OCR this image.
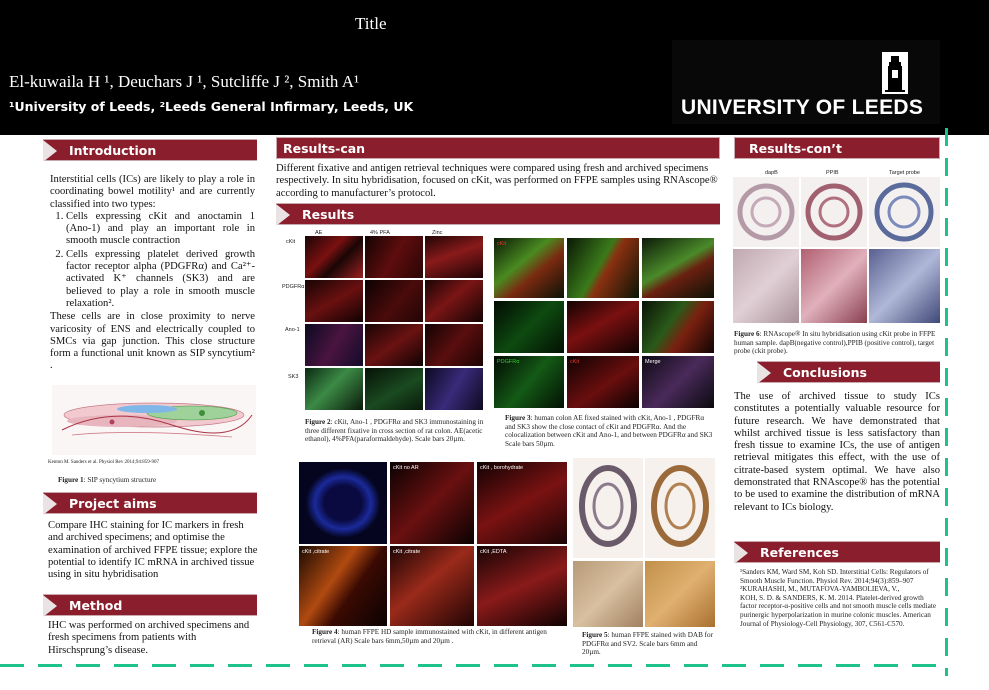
Title
El-kuwaila H ¹, Deuchars J ¹, Sutcliffe J ², Smith A¹
¹University of Leeds, ²Leeds General Infirmary, Leeds, UK	UNIVERSITY OF LEEDS
Introduction

Interstitial cells (ICs) are likely to play a role in coordinating bowel motility¹ and are currently classified into two types:

1. Cells expressing cKit and anoctamin 1 (Ano-1) and play an important role in smooth muscle contraction
2. Cells expressing platelet derived growth factor receptor alpha (PDGFRα) and Ca²⁺-activated K⁺ channels (SK3) and are believed to play a role in smooth muscle relaxation².

These cells are in close proximity to nerve varicosity of ENS and electrically coupled to SMCs via gap junction. This close structure form a functional unit known as SIP syncytium² .

Kenton M. Sanders et al. Physiol Rev 2014;94:859-907
Figure 1: SIP syncytium structure
Project aims
Compare IHC staining for IC markers in fresh and archived specimens; and optimise the examination of archived FFPE tissue; explore the potential to identify IC mRNA in archived tissue using in situ hybridisation
Method
IHC was performed on archived specimens and fresh specimens from patients with Hirschsprung’s disease.
Results-can
Different fixative and antigen retrieval techniques were compared using fresh and archived specimens respectively. In situ hybridisation, focused on cKit, was performed on FFPE samples using RNAscope® according to manufacturer’s protocol.
Results
AE	4% PFA	Zinc
cKit
PDGFRα
Ano-1
SK3
Figure 2: cKit, Ano-1 , PDGFRα and SK3 immunostaining in three different fixative in cross section of rat colon. AE(acetic ethanol), 4%PFA(paraformaldehyde). Scale bars 20µm.
cKit
PDGFRα	cKit	Merge
Figure 3: human colon AE fixed stained with cKit, Ano-1 , PDGFRα and SK3 show the close contact of cKit and PDGFRα. And the colocalization between cKit and Ano-1, and between PDGFRα and SK3 Scale bars 50µm.
cKit no AR	cKit , borohydrate
cKit ,citrate	cKit ,citrate	cKit ,EDTA
Figure 4: human FFPE HD sample immunostained with cKit, in different antigen retrieval (AR) Scale bars 6mm,50µm and 20µm .
Figure 5: human FFPE stained with DAB for PDGFRα and SV2. Scale bars 6mm and 20µm.
Results-con’t
dapB	PPIB	Target probe
Figure 6: RNAscope® In situ hybridisation using cKit probe in FFPE human sample. dapB(negative control),PPIB (positive control), target probe (ckit probe).
Conclusions
The use of archived tissue to study ICs constitutes a potentially valuable resource for future research. We have demonstrated that whilst archived tissue is less satisfactory than fresh tissue to examine ICs, the use of antigen retrieval mitigates this effect, with the use of citrate-based system optimal. We have also demonstrated that RNAscope® has the potential to be used to examine the distribution of mRNA relevant to ICs biology.
References

¹Sanders KM, Ward SM, Koh SD. Interstitial Cells: Regulators of Smooth Muscle Function. Physiol Rev. 2014;94(3):859–907

²KURAHASHI, M., MUTAFOVA-YAMBOLIEVA, V.,

KOH, S. D. & SANDERS, K. M. 2014. Platelet-derived growth factor receptor-α-positive cells and not smooth muscle cells mediate purinergic hyperpolarization in murine colonic muscles. American Journal of Physiology-Cell Physiology, 307, C561-C570.
